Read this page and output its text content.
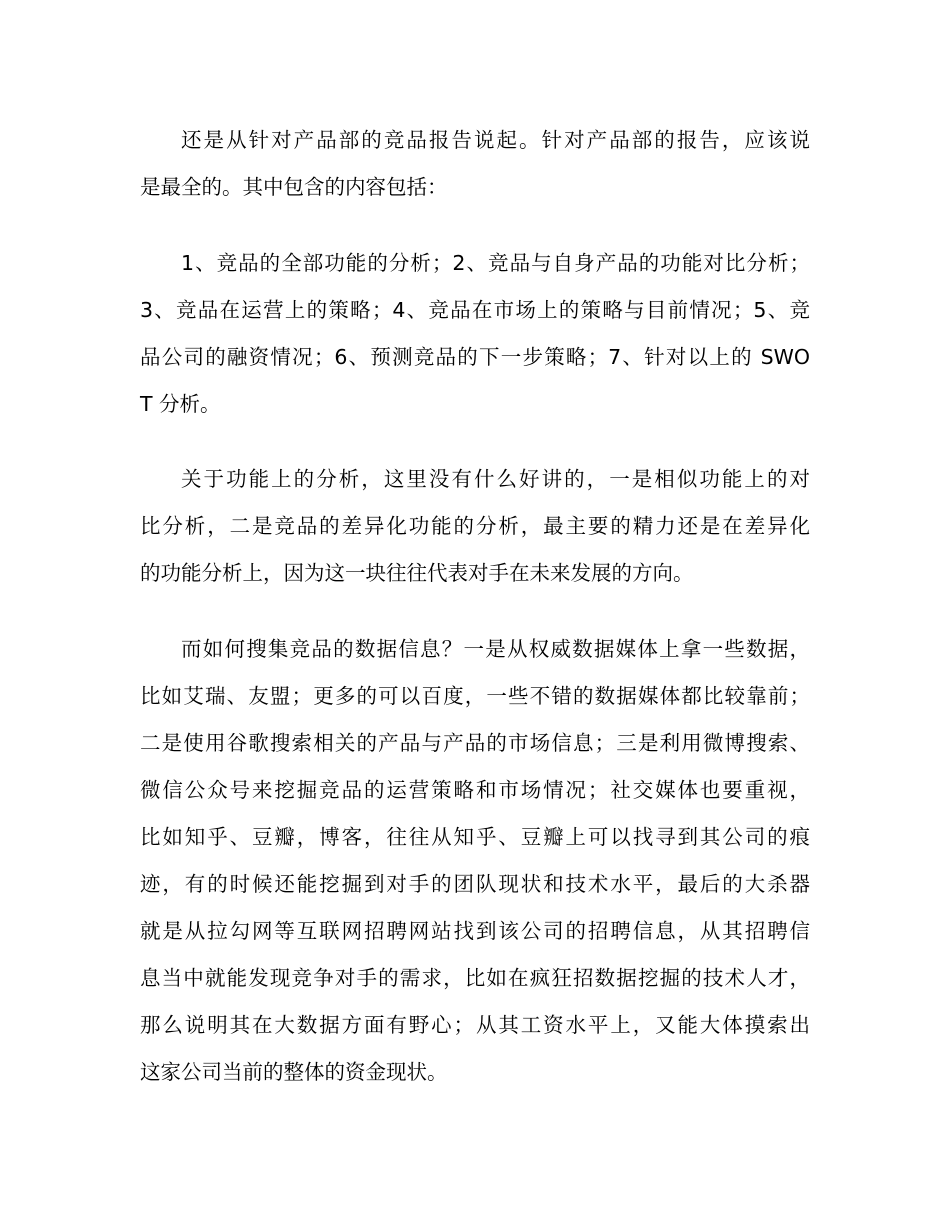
还是从针对产品部的竞品报告说起。针对产品部的报告，应该说
是最全的。其中包含的内容包括：
1、竞品的全部功能的分析；2、竞品与自身产品的功能对比分析；
3、竞品在运营上的策略；4、竞品在市场上的策略与目前情况；5、竞
品公司的融资情况；6、预测竞品的下一步策略；7、针对以上的 SWO
T 分析。
关于功能上的分析，这里没有什么好讲的，一是相似功能上的对
比分析，二是竞品的差异化功能的分析，最主要的精力还是在差异化
的功能分析上，因为这一块往往代表对手在未来发展的方向。
而如何搜集竞品的数据信息？一是从权威数据媒体上拿一些数据，
比如艾瑞、友盟；更多的可以百度，一些不错的数据媒体都比较靠前；
二是使用谷歌搜索相关的产品与产品的市场信息；三是利用微博搜索、
微信公众号来挖掘竞品的运营策略和市场情况；社交媒体也要重视，
比如知乎、豆瓣，博客，往往从知乎、豆瓣上可以找寻到其公司的痕
迹，有的时候还能挖掘到对手的团队现状和技术水平，最后的大杀器
就是从拉勾网等互联网招聘网站找到该公司的招聘信息，从其招聘信
息当中就能发现竞争对手的需求，比如在疯狂招数据挖掘的技术人才，
那么说明其在大数据方面有野心；从其工资水平上，又能大体摸索出
这家公司当前的整体的资金现状。
